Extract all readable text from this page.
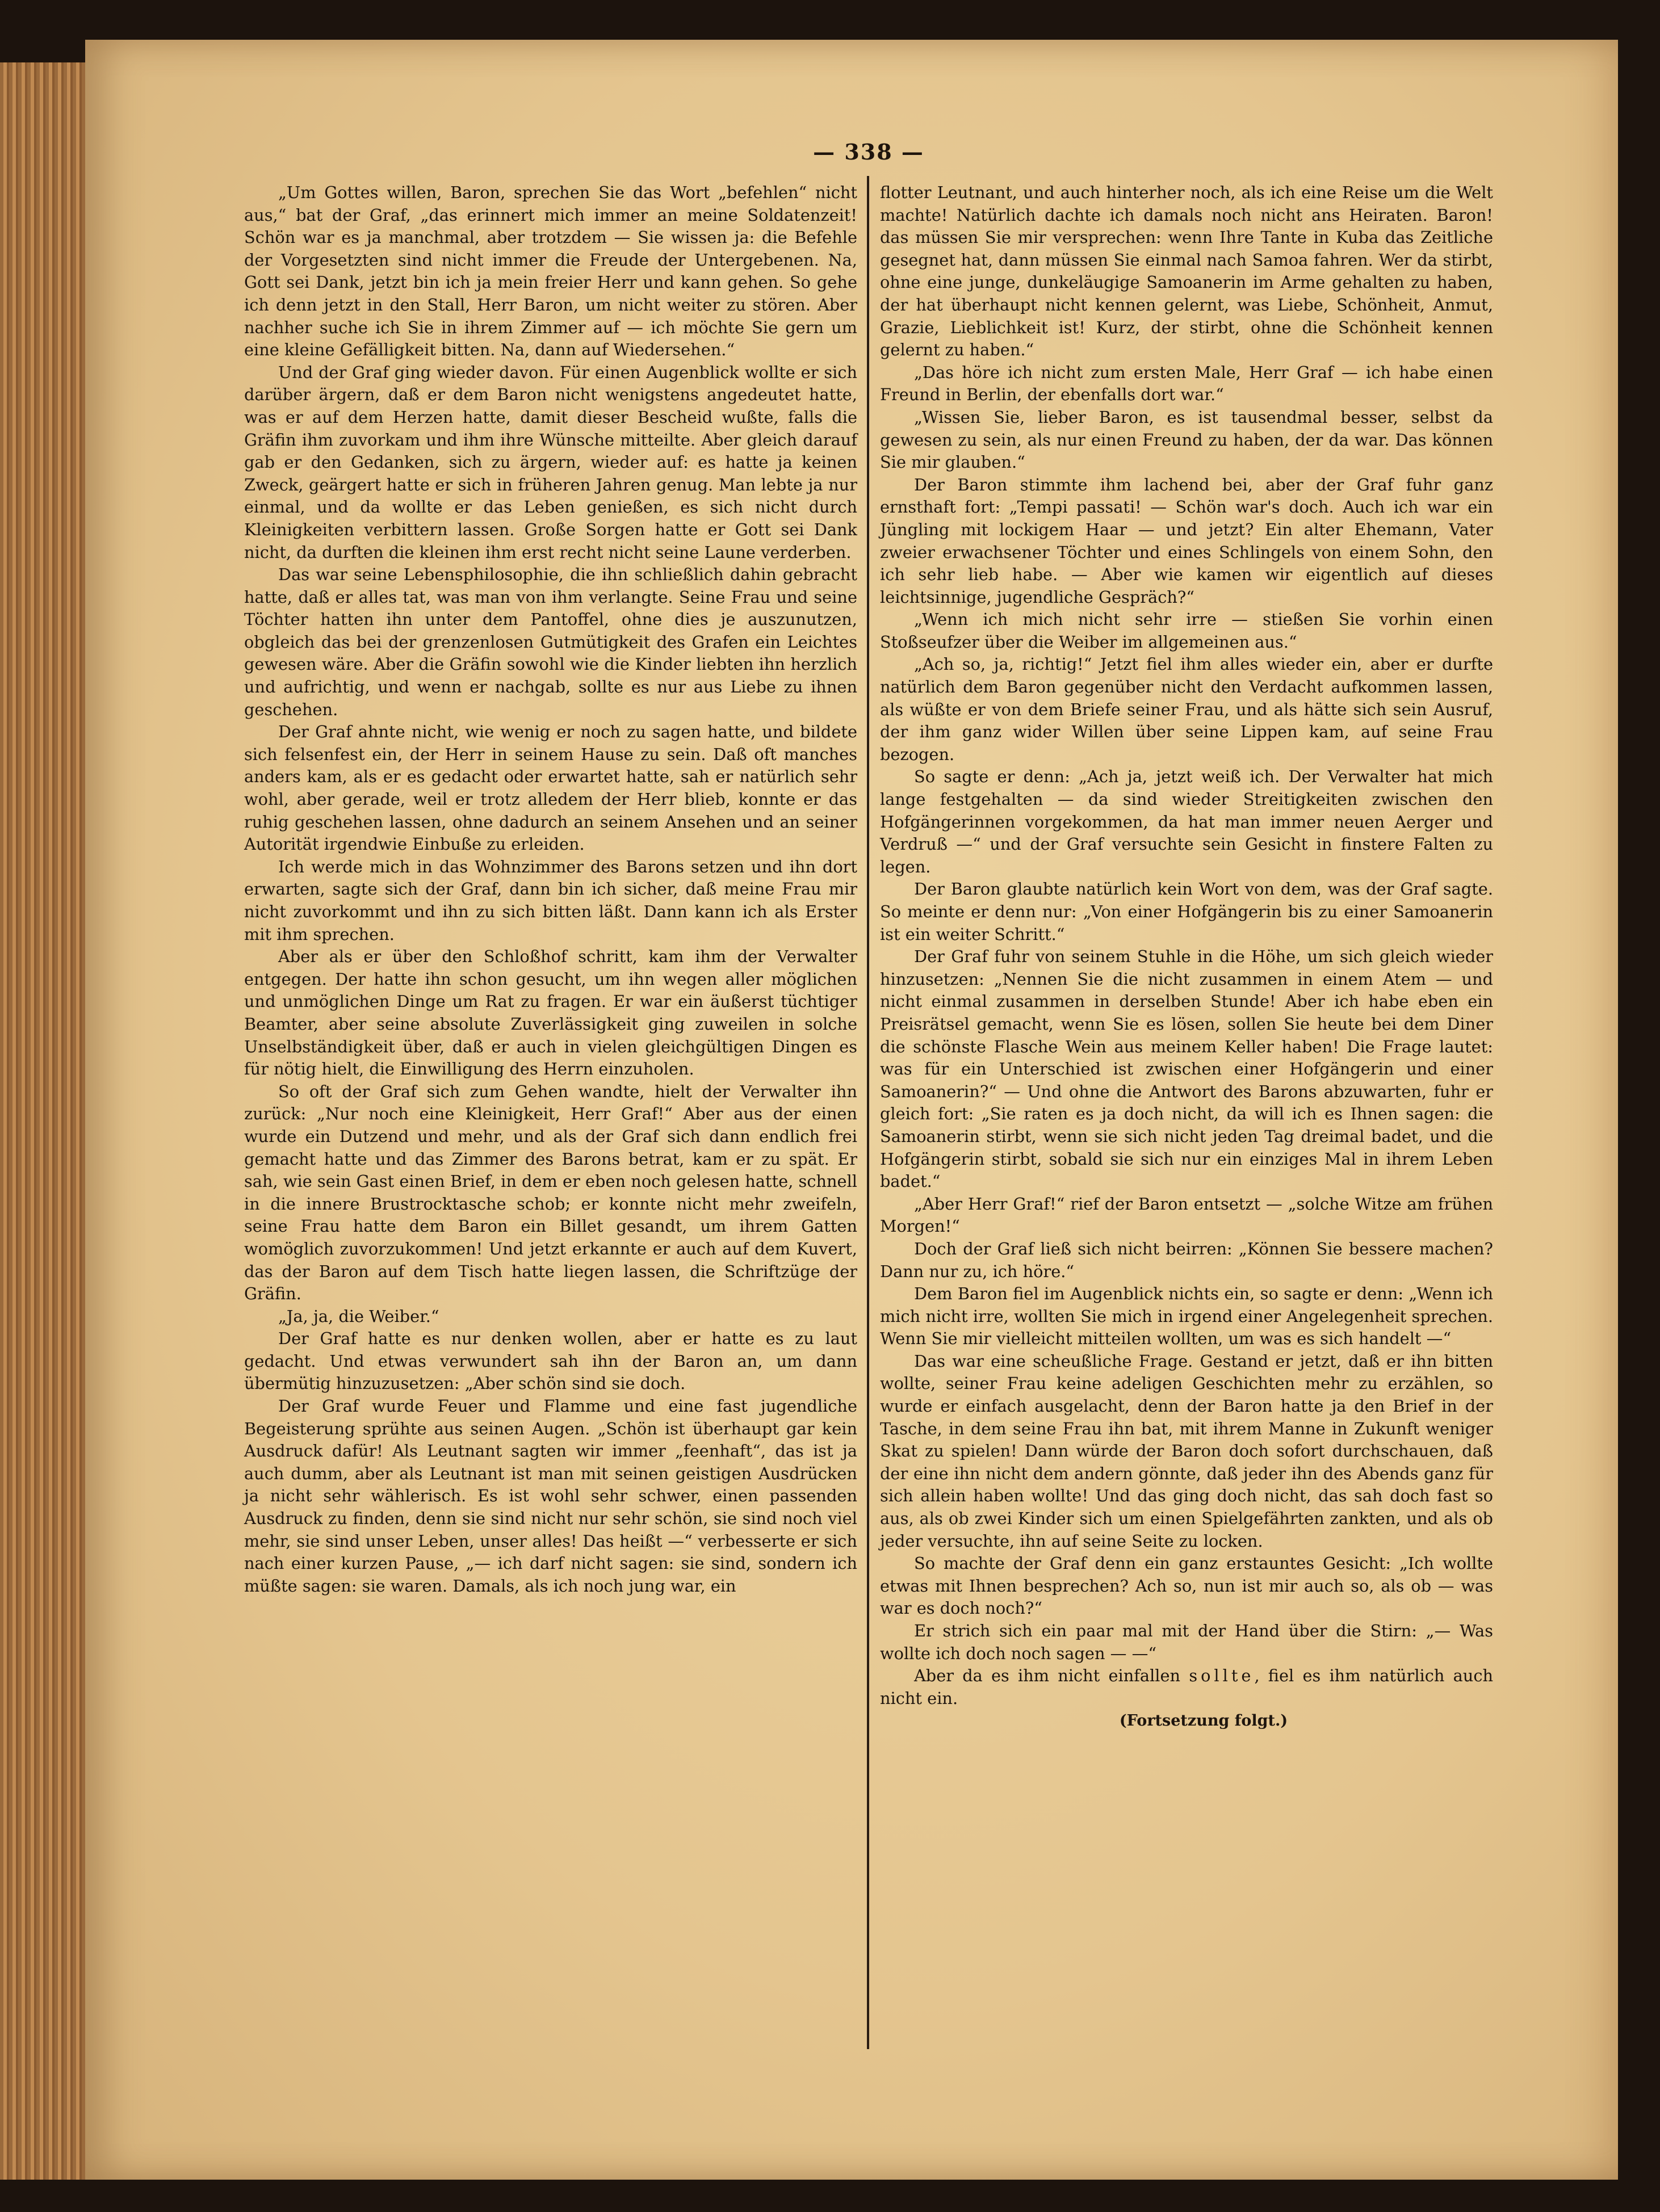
— 338 —

„Um Gottes willen, Baron, sprechen Sie das Wort „befehlen“ nicht aus,“ bat der Graf, „das erinnert mich immer an meine Soldatenzeit! Schön war es ja manchmal, aber trotzdem — Sie wissen ja: die Befehle der Vorgesetzten sind nicht immer die Freude der Untergebenen. Na, Gott sei Dank, jetzt bin ich ja mein freier Herr und kann gehen. So gehe ich denn jetzt in den Stall, Herr Baron, um nicht weiter zu stören. Aber nachher suche ich Sie in ihrem Zimmer auf — ich möchte Sie gern um eine kleine Gefälligkeit bitten. Na, dann auf Wiedersehen.“

Und der Graf ging wieder davon. Für einen Augenblick wollte er sich darüber ärgern, daß er dem Baron nicht wenigstens angedeutet hatte, was er auf dem Herzen hatte, damit dieser Bescheid wußte, falls die Gräfin ihm zuvorkam und ihm ihre Wünsche mitteilte. Aber gleich darauf gab er den Gedanken, sich zu ärgern, wieder auf: es hatte ja keinen Zweck, geärgert hatte er sich in früheren Jahren genug. Man lebte ja nur einmal, und da wollte er das Leben genießen, es sich nicht durch Kleinigkeiten verbittern lassen. Große Sorgen hatte er Gott sei Dank nicht, da durften die kleinen ihm erst recht nicht seine Laune verderben.

Das war seine Lebensphilosophie, die ihn schließlich dahin gebracht hatte, daß er alles tat, was man von ihm verlangte. Seine Frau und seine Töchter hatten ihn unter dem Pantoffel, ohne dies je auszunutzen, obgleich das bei der grenzenlosen Gutmütigkeit des Grafen ein Leichtes gewesen wäre. Aber die Gräfin sowohl wie die Kinder liebten ihn herzlich und aufrichtig, und wenn er nachgab, sollte es nur aus Liebe zu ihnen geschehen.

Der Graf ahnte nicht, wie wenig er noch zu sagen hatte, und bildete sich felsenfest ein, der Herr in seinem Hause zu sein. Daß oft manches anders kam, als er es gedacht oder erwartet hatte, sah er natürlich sehr wohl, aber gerade, weil er trotz alledem der Herr blieb, konnte er das ruhig geschehen lassen, ohne dadurch an seinem Ansehen und an seiner Autorität irgendwie Einbuße zu erleiden.

Ich werde mich in das Wohnzimmer des Barons setzen und ihn dort erwarten, sagte sich der Graf, dann bin ich sicher, daß meine Frau mir nicht zuvorkommt und ihn zu sich bitten läßt. Dann kann ich als Erster mit ihm sprechen.

Aber als er über den Schloßhof schritt, kam ihm der Verwalter entgegen. Der hatte ihn schon gesucht, um ihn wegen aller möglichen und unmöglichen Dinge um Rat zu fragen. Er war ein äußerst tüchtiger Beamter, aber seine absolute Zuverlässigkeit ging zuweilen in solche Unselbständigkeit über, daß er auch in vielen gleichgültigen Dingen es für nötig hielt, die Einwilligung des Herrn einzuholen.

So oft der Graf sich zum Gehen wandte, hielt der Verwalter ihn zurück: „Nur noch eine Kleinigkeit, Herr Graf!“ Aber aus der einen wurde ein Dutzend und mehr, und als der Graf sich dann endlich frei gemacht hatte und das Zimmer des Barons betrat, kam er zu spät. Er sah, wie sein Gast einen Brief, in dem er eben noch gelesen hatte, schnell in die innere Brustrocktasche schob; er konnte nicht mehr zweifeln, seine Frau hatte dem Baron ein Billet gesandt, um ihrem Gatten womöglich zuvorzukommen! Und jetzt erkannte er auch auf dem Kuvert, das der Baron auf dem Tisch hatte liegen lassen, die Schriftzüge der Gräfin.

„Ja, ja, die Weiber.“

Der Graf hatte es nur denken wollen, aber er hatte es zu laut gedacht. Und etwas verwundert sah ihn der Baron an, um dann übermütig hinzuzusetzen: „Aber schön sind sie doch.

Der Graf wurde Feuer und Flamme und eine fast jugendliche Begeisterung sprühte aus seinen Augen. „Schön ist überhaupt gar kein Ausdruck dafür! Als Leutnant sagten wir immer „feenhaft“, das ist ja auch dumm, aber als Leutnant ist man mit seinen geistigen Ausdrücken ja nicht sehr wählerisch. Es ist wohl sehr schwer, einen passenden Ausdruck zu finden, denn sie sind nicht nur sehr schön, sie sind noch viel mehr, sie sind unser Leben, unser alles! Das heißt —“ verbesserte er sich nach einer kurzen Pause, „— ich darf nicht sagen: sie sind, sondern ich müßte sagen: sie waren. Damals, als ich noch jung war, ein

flotter Leutnant, und auch hinterher noch, als ich eine Reise um die Welt machte! Natürlich dachte ich damals noch nicht ans Heiraten. Baron! das müssen Sie mir versprechen: wenn Ihre Tante in Kuba das Zeitliche gesegnet hat, dann müssen Sie einmal nach Samoa fahren. Wer da stirbt, ohne eine junge, dunkeläugige Samoanerin im Arme gehalten zu haben, der hat überhaupt nicht kennen gelernt, was Liebe, Schönheit, Anmut, Grazie, Lieblichkeit ist! Kurz, der stirbt, ohne die Schönheit kennen gelernt zu haben.“

„Das höre ich nicht zum ersten Male, Herr Graf — ich habe einen Freund in Berlin, der ebenfalls dort war.“

„Wissen Sie, lieber Baron, es ist tausendmal besser, selbst da gewesen zu sein, als nur einen Freund zu haben, der da war. Das können Sie mir glauben.“

Der Baron stimmte ihm lachend bei, aber der Graf fuhr ganz ernsthaft fort: „Tempi passati! — Schön war's doch. Auch ich war ein Jüngling mit lockigem Haar — und jetzt? Ein alter Ehemann, Vater zweier erwachsener Töchter und eines Schlingels von einem Sohn, den ich sehr lieb habe. — Aber wie kamen wir eigentlich auf dieses leichtsinnige, jugendliche Gespräch?“

„Wenn ich mich nicht sehr irre — stießen Sie vorhin einen Stoßseufzer über die Weiber im allgemeinen aus.“

„Ach so, ja, richtig!“ Jetzt fiel ihm alles wieder ein, aber er durfte natürlich dem Baron gegenüber nicht den Verdacht aufkommen lassen, als wüßte er von dem Briefe seiner Frau, und als hätte sich sein Ausruf, der ihm ganz wider Willen über seine Lippen kam, auf seine Frau bezogen.

So sagte er denn: „Ach ja, jetzt weiß ich. Der Verwalter hat mich lange festgehalten — da sind wieder Streitigkeiten zwischen den Hofgängerinnen vorgekommen, da hat man immer neuen Aerger und Verdruß —“ und der Graf versuchte sein Gesicht in finstere Falten zu legen.

Der Baron glaubte natürlich kein Wort von dem, was der Graf sagte. So meinte er denn nur: „Von einer Hofgängerin bis zu einer Samoanerin ist ein weiter Schritt.“

Der Graf fuhr von seinem Stuhle in die Höhe, um sich gleich wieder hinzusetzen: „Nennen Sie die nicht zusammen in einem Atem — und nicht einmal zusammen in derselben Stunde! Aber ich habe eben ein Preisrätsel gemacht, wenn Sie es lösen, sollen Sie heute bei dem Diner die schönste Flasche Wein aus meinem Keller haben! Die Frage lautet: was für ein Unterschied ist zwischen einer Hofgängerin und einer Samoanerin?“ — Und ohne die Antwort des Barons abzuwarten, fuhr er gleich fort: „Sie raten es ja doch nicht, da will ich es Ihnen sagen: die Samoanerin stirbt, wenn sie sich nicht jeden Tag dreimal badet, und die Hofgängerin stirbt, sobald sie sich nur ein einziges Mal in ihrem Leben badet.“

„Aber Herr Graf!“ rief der Baron entsetzt — „solche Witze am frühen Morgen!“

Doch der Graf ließ sich nicht beirren: „Können Sie bessere machen? Dann nur zu, ich höre.“

Dem Baron fiel im Augenblick nichts ein, so sagte er denn: „Wenn ich mich nicht irre, wollten Sie mich in irgend einer Angelegenheit sprechen. Wenn Sie mir vielleicht mitteilen wollten, um was es sich handelt —“

Das war eine scheußliche Frage. Gestand er jetzt, daß er ihn bitten wollte, seiner Frau keine adeligen Geschichten mehr zu erzählen, so wurde er einfach ausgelacht, denn der Baron hatte ja den Brief in der Tasche, in dem seine Frau ihn bat, mit ihrem Manne in Zukunft weniger Skat zu spielen! Dann würde der Baron doch sofort durchschauen, daß der eine ihn nicht dem andern gönnte, daß jeder ihn des Abends ganz für sich allein haben wollte! Und das ging doch nicht, das sah doch fast so aus, als ob zwei Kinder sich um einen Spielgefährten zankten, und als ob jeder versuchte, ihn auf seine Seite zu locken.

So machte der Graf denn ein ganz erstauntes Gesicht: „Ich wollte etwas mit Ihnen besprechen? Ach so, nun ist mir auch so, als ob — was war es doch noch?“

Er strich sich ein paar mal mit der Hand über die Stirn: „— Was wollte ich doch noch sagen — —“

Aber da es ihm nicht einfallen sollte, fiel es ihm natürlich auch nicht ein.

(Fortsetzung folgt.)
